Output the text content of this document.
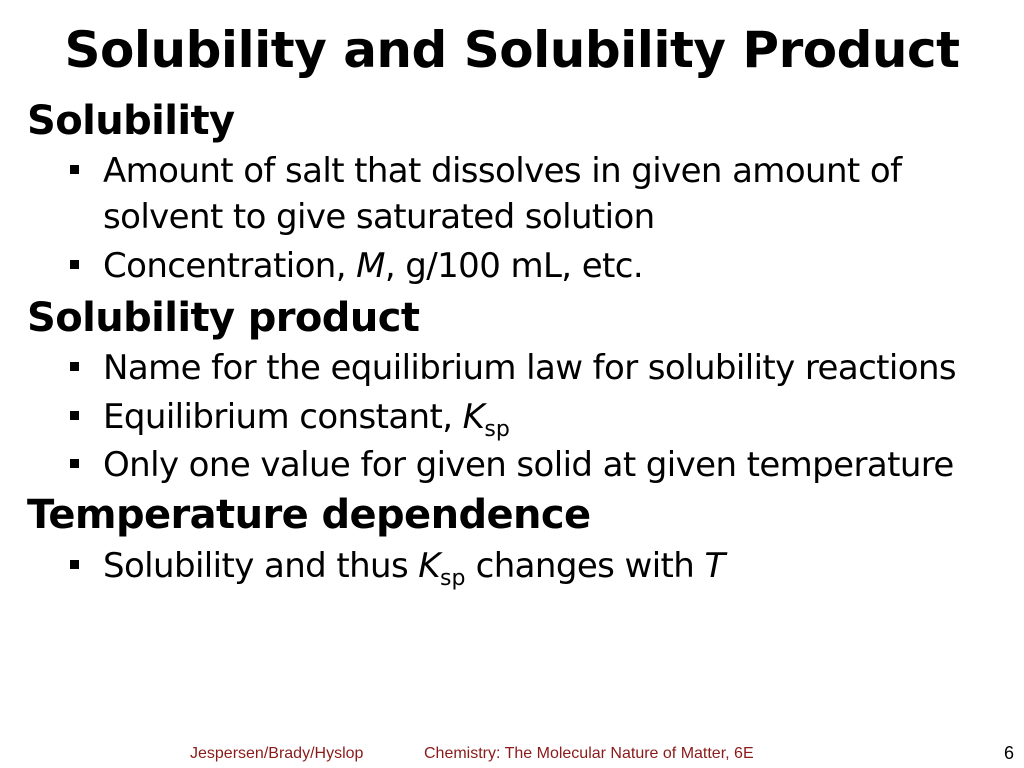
Solubility and Solubility Product
Solubility
Amount of salt that dissolves in given amount of
solvent to give saturated solution
Concentration, M, g/100 mL, etc.
Solubility product
Name for the equilibrium law for solubility reactions
Equilibrium constant, $K_{sp}$
Only one value for given solid at given temperature
Temperature dependence
Solubility and thus $K_{sp}$ changes with T
Jespersen/Brady/Hyslop	Chemistry: The Molecular Nature of Matter, 6E	6
